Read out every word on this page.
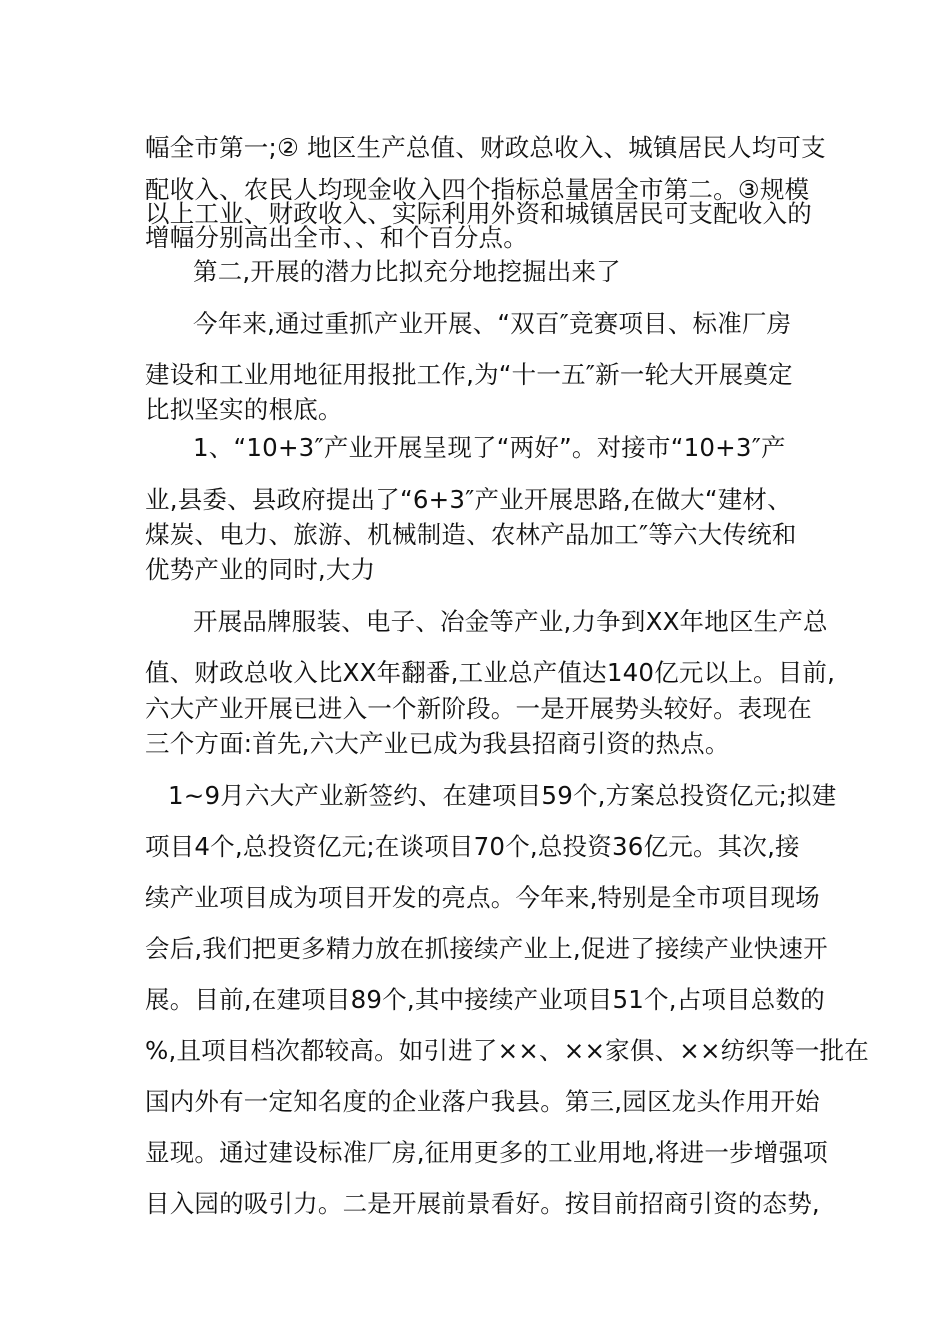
幅全市第一;② 地区生产总值、财政总收入、城镇居民人均可支
配收入、农民人均现金收入四个指标总量居全市第二。③规模
以上工业、财政收入、实际利用外资和城镇居民可支配收入的
增幅分别高出全市、、和个百分点。
第二,开展的潜力比拟充分地挖掘出来了
今年来,通过重抓产业开展、“双百″竞赛项目、标准厂房
建设和工业用地征用报批工作,为“十一五″新一轮大开展奠定
比拟坚实的根底。
1、“10+3″产业开展呈现了“两好”。对接市“10+3″产
业,县委、县政府提出了“6+3″产业开展思路,在做大“建材、
煤炭、电力、旅游、机械制造、农林产品加工″等六大传统和
优势产业的同时,大力
开展品牌服装、电子、冶金等产业,力争到XX年地区生产总
值、财政总收入比XX年翻番,工业总产值达140亿元以上。目前,
六大产业开展已进入一个新阶段。一是开展势头较好。表现在
三个方面:首先,六大产业已成为我县招商引资的热点。
1~9月六大产业新签约、在建项目59个,方案总投资亿元;拟建
项目4个,总投资亿元;在谈项目70个,总投资36亿元。其次,接
续产业项目成为项目开发的亮点。今年来,特别是全市项目现场
会后,我们把更多精力放在抓接续产业上,促进了接续产业快速开
展。目前,在建项目89个,其中接续产业项目51个,占项目总数的
%,且项目档次都较高。如引进了××、××家俱、××纺织等一批在
国内外有一定知名度的企业落户我县。第三,园区龙头作用开始
显现。通过建设标准厂房,征用更多的工业用地,将进一步增强项
目入园的吸引力。二是开展前景看好。按目前招商引资的态势,
